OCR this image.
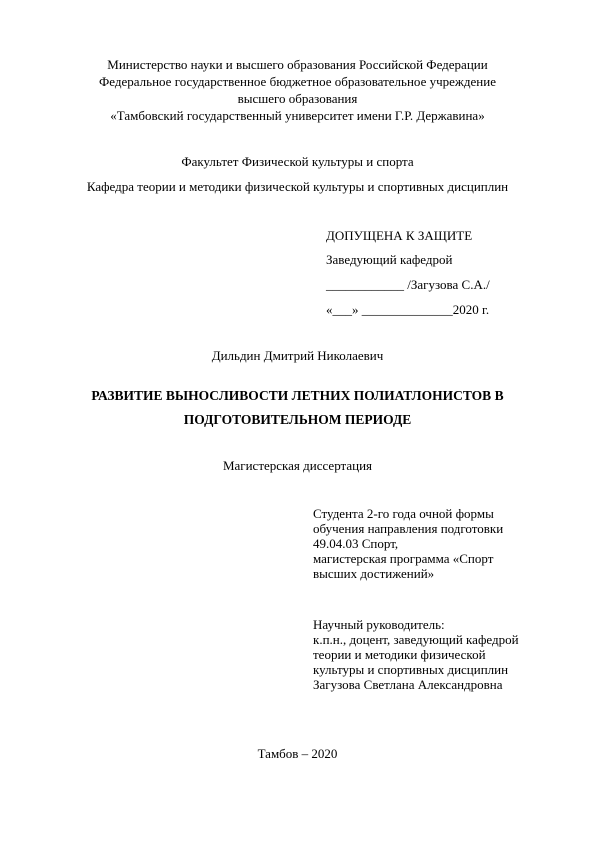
Министерство науки и высшего образования Российской Федерации
Федеральное государственное бюджетное образовательное учреждение
высшего образования
«Тамбовский государственный университет имени Г.Р. Державина»
Факультет Физической культуры и спорта
Кафедра теории и методики физической культуры и спортивных дисциплин
ДОПУЩЕНА К ЗАЩИТЕ
Заведующий кафедрой
____________ /Загузова С.А./
«___» ______________2020 г.
Дильдин Дмитрий Николаевич
РАЗВИТИЕ ВЫНОСЛИВОСТИ ЛЕТНИХ ПОЛИАТЛОНИСТОВ В
ПОДГОТОВИТЕЛЬНОМ ПЕРИОДЕ
Магистерская диссертация
Студента 2-го года очной формы
обучения направления подготовки
49.04.03 Спорт,
магистерская программа «Спорт
высших достижений»
Научный руководитель:
к.п.н., доцент, заведующий кафедрой
теории и методики физической
культуры и спортивных дисциплин
Загузова Светлана Александровна
Тамбов – 2020
